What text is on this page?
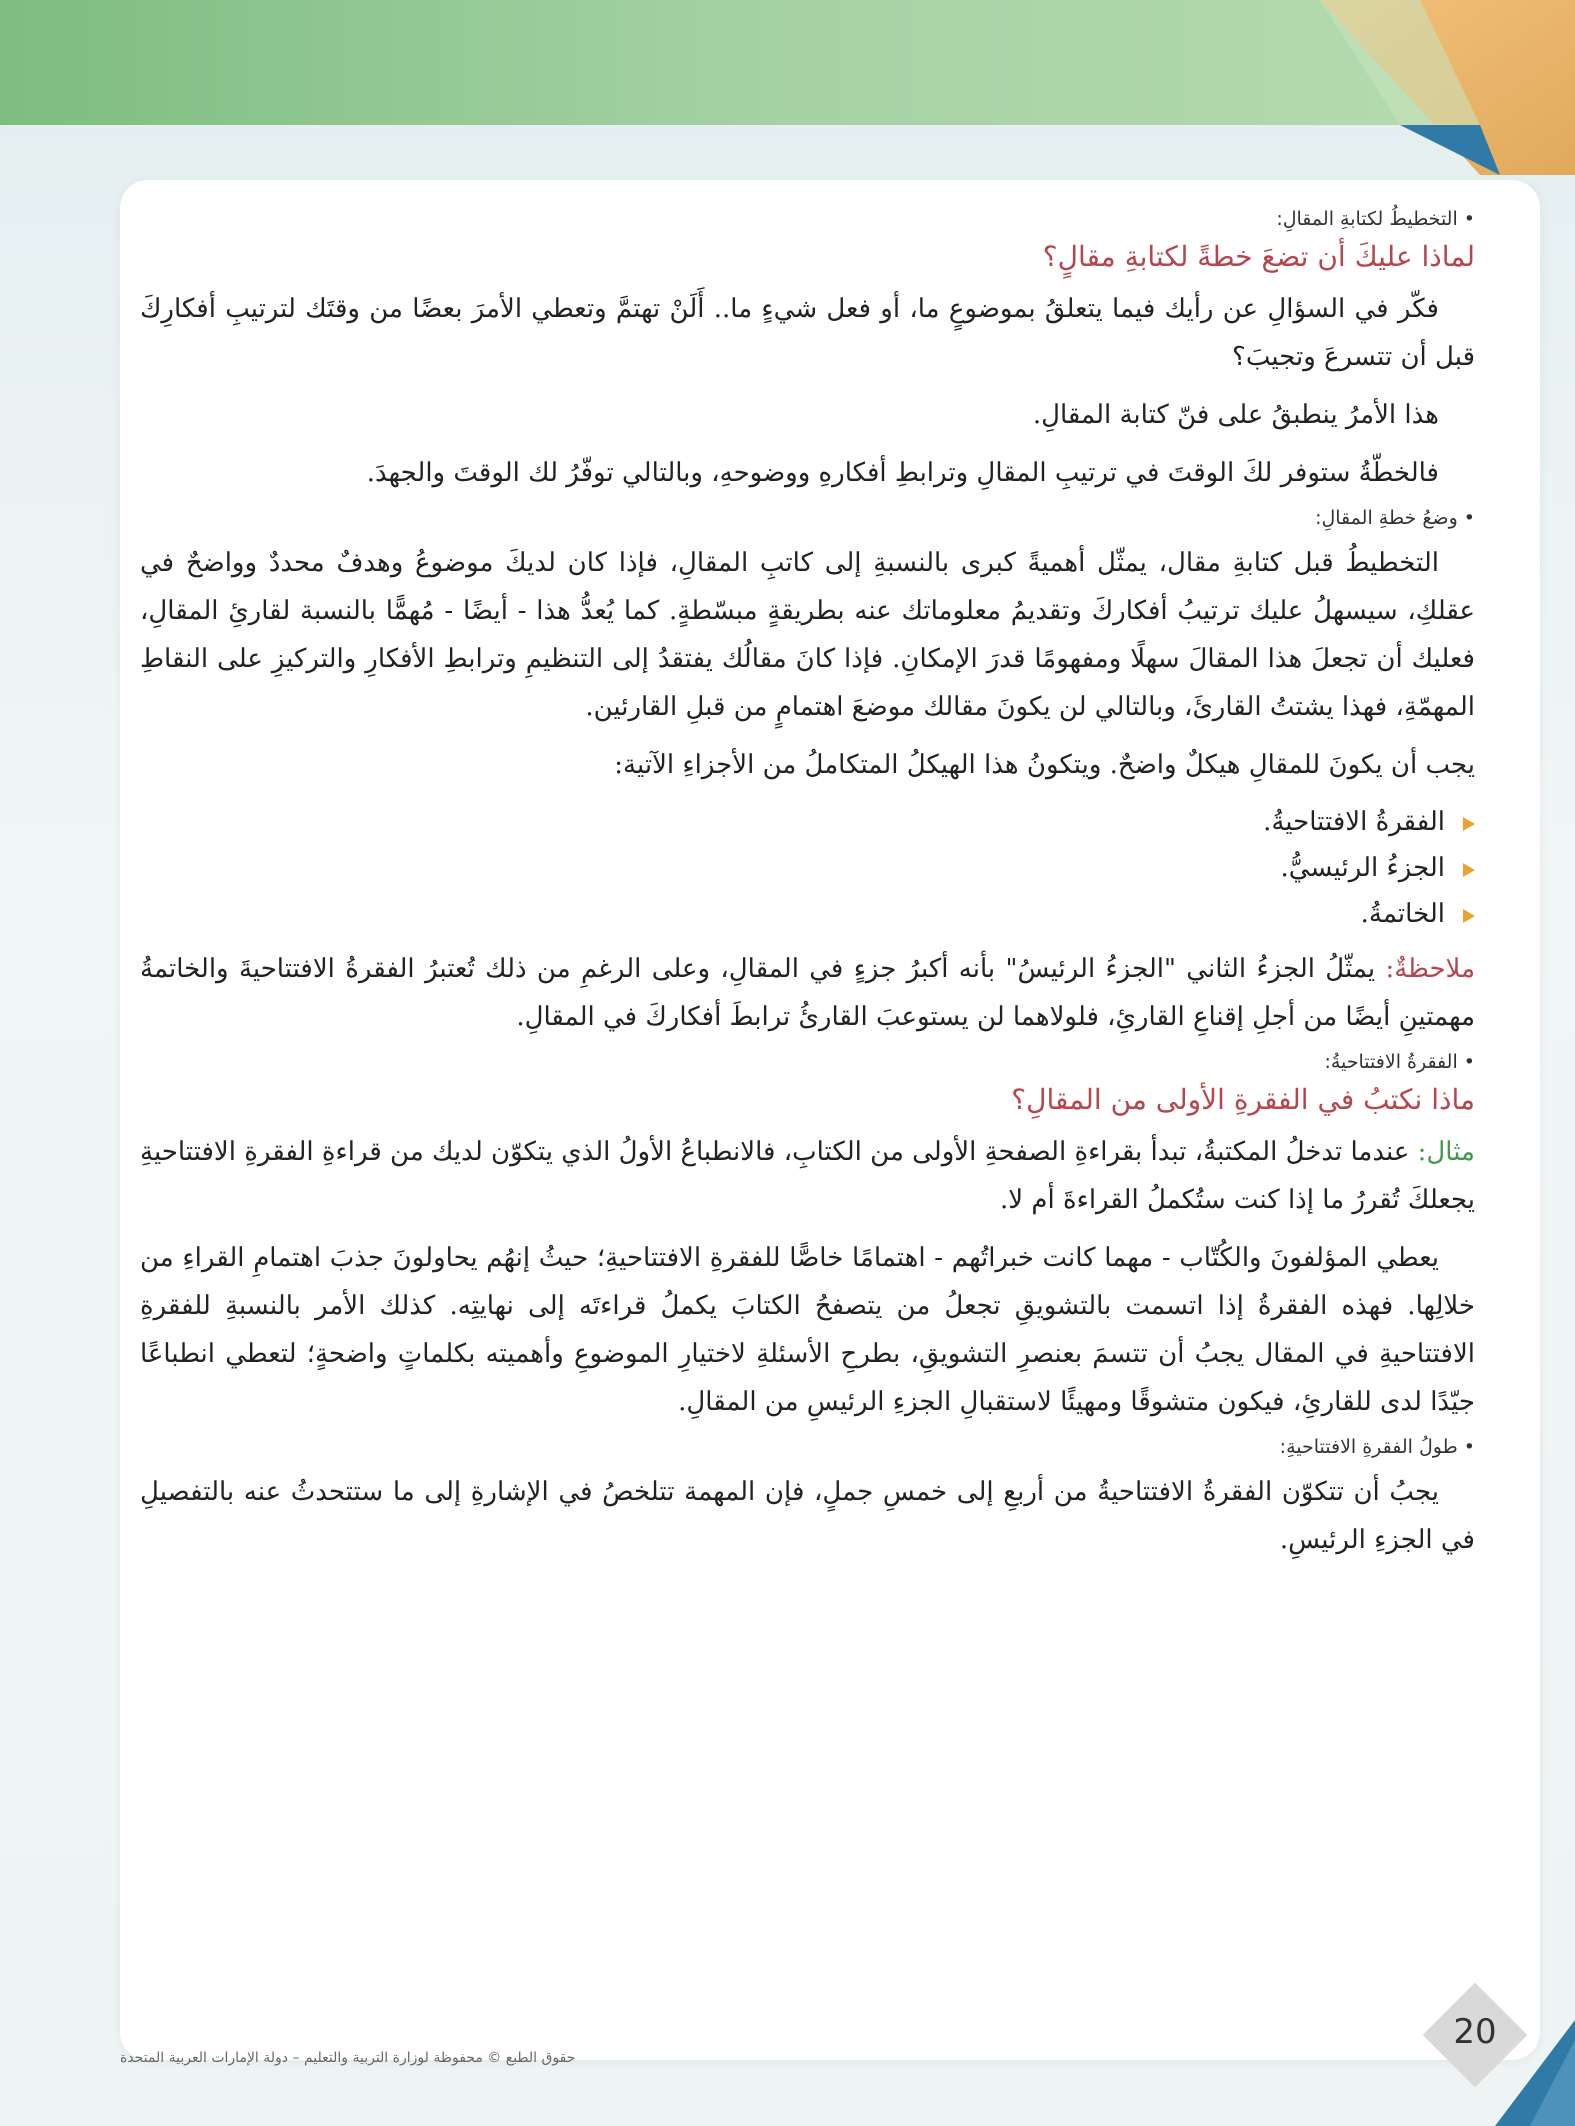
• التخطيطُ لكتابةِ المقالِ:
لماذا عليكَ أن تضعَ خطةً لكتابةِ مقالٍ؟

فكّر في السؤالِ عن رأيك فيما يتعلقُ بموضوعٍ ما، أو فعل شيءٍ ما.. أَلَنْ تهتمَّ وتعطي الأمرَ بعضًا من وقتَك لترتيبِ أفكارِكَ قبل أن تتسرعَ وتجيبَ؟

هذا الأمرُ ينطبقُ على فنّ كتابة المقالِ.

فالخطّةُ ستوفر لكَ الوقتَ في ترتيبِ المقالِ وترابطِ أفكارهِ ووضوحهِ، وبالتالي توفّرُ لك الوقتَ والجهدَ.

• وضعُ خطةِ المقالِ:

التخطيطُ قبل كتابةِ مقال، يمثّل أهميةً كبرى بالنسبةِ إلى كاتبِ المقالِ، فإذا كان لديكَ موضوعُ وهدفٌ محددٌ وواضحٌ في عقلكِ، سيسهلُ عليك ترتيبُ أفكاركَ وتقديمُ معلوماتك عنه بطريقةٍ مبسّطةٍ. كما يُعدُّ هذا - أيضًا - مُهمًّا بالنسبة لقارئِ المقالِ، فعليك أن تجعلَ هذا المقالَ سهلًا ومفهومًا قدرَ الإمكانِ. فإذا كانَ مقالُك يفتقدُ إلى التنظيمِ وترابطِ الأفكارِ والتركيزِ على النقاطِ المهمّةِ، فهذا يشتتُ القارئَ، وبالتالي لن يكونَ مقالك موضعَ اهتمامٍ من قبلِ القارئين.

يجب أن يكونَ للمقالِ هيكلٌ واضحٌ. ويتكونُ هذا الهيكلُ المتكاملُ من الأجزاءِ الآتية:

الفقرةُ الافتتاحيةُ.
الجزءُ الرئيسيُّ.
الخاتمةُ.

ملاحظةٌ: يمثّلُ الجزءُ الثاني "الجزءُ الرئيسُ" بأنه أكبرُ جزءٍ في المقالِ، وعلى الرغمِ من ذلك تُعتبرُ الفقرةُ الافتتاحيةَ والخاتمةُ مهمتينِ أيضًا من أجلِ إقناعِ القارئِ، فلولاهما لن يستوعبَ القارئُ ترابطَ أفكاركَ في المقالِ.

• الفقرةُ الافتتاحيةُ:
ماذا نكتبُ في الفقرةِ الأولى من المقالِ؟

مثال: عندما تدخلُ المكتبةُ، تبدأ بقراءةِ الصفحةِ الأولى من الكتابِ، فالانطباعُ الأولُ الذي يتكوّن لديك من قراءةِ الفقرةِ الافتتاحيةِ يجعلكَ تُقررُ ما إذا كنت ستُكملُ القراءةَ أم لا.

يعطي المؤلفونَ والكُتّاب - مهما كانت خبراتُهم - اهتمامًا خاصًّا للفقرةِ الافتتاحيةِ؛ حيثُ إنهُم يحاولونَ جذبَ اهتمامِ القراءِ من خلالِها. فهذه الفقرةُ إذا اتسمت بالتشويقِ تجعلُ من يتصفحُ الكتابَ يكملُ قراءتَه إلى نهايتِه. كذلك الأمر بالنسبةِ للفقرةِ الافتتاحيةِ في المقال يجبُ أن تتسمَ بعنصرِ التشويقِ، بطرحِ الأسئلةِ لاختيارِ الموضوعِ وأهميته بكلماتٍ واضحةٍ؛ لتعطي انطباعًا جيّدًا لدى للقارئِ، فيكون متشوقًا ومهيئًا لاستقبالِ الجزءِ الرئيسِ من المقالِ.

• طولُ الفقرةِ الافتتاحيةِ:

يجبُ أن تتكوّن الفقرةُ الافتتاحيةُ من أربعِ إلى خمسِ جملٍ، فإن المهمة تتلخصُ في الإشارةِ إلى ما ستتحدثُ عنه بالتفصيلِ في الجزءِ الرئيسِ.

حقوق الطبع © محفوظة لوزارة التربية والتعليم – دولة الإمارات العربية المتحدة
20
